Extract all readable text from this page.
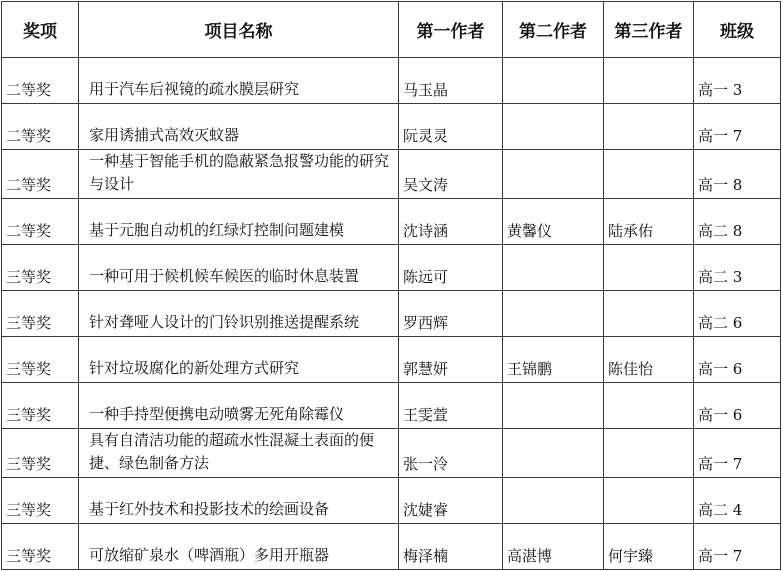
奖项	项目名称	第一作者	第二作者	第三作者	班级
二等奖	用于汽车后视镜的疏水膜层研究	马玉晶			高一 3
二等奖	家用诱捕式高效灭蚊器	阮灵灵			高一 7
二等奖	一种基于智能手机的隐蔽紧急报警功能的研究与设计	吴文涛			高一 8
二等奖	基于元胞自动机的红绿灯控制问题建模	沈诗涵	黄馨仪	陆承佑	高二 8
三等奖	一种可用于候机候车候医的临时休息装置	陈远可			高二 3
三等奖	针对聋哑人设计的门铃识别推送提醒系统	罗西辉			高二 6
三等奖	针对垃圾腐化的新处理方式研究	郭慧妍	王锦鹏	陈佳怡	高一 6
三等奖	一种手持型便携电动喷雾无死角除霉仪	王雯萱			高一 6
三等奖	具有自清洁功能的超疏水性混凝土表面的便捷、绿色制备方法	张一泠			高一 7
三等奖	基于红外技术和投影技术的绘画设备	沈婕睿			高二 4
三等奖	可放缩矿泉水（啤酒瓶）多用开瓶器	梅泽楠	高湛博	何宇臻	高一 7
